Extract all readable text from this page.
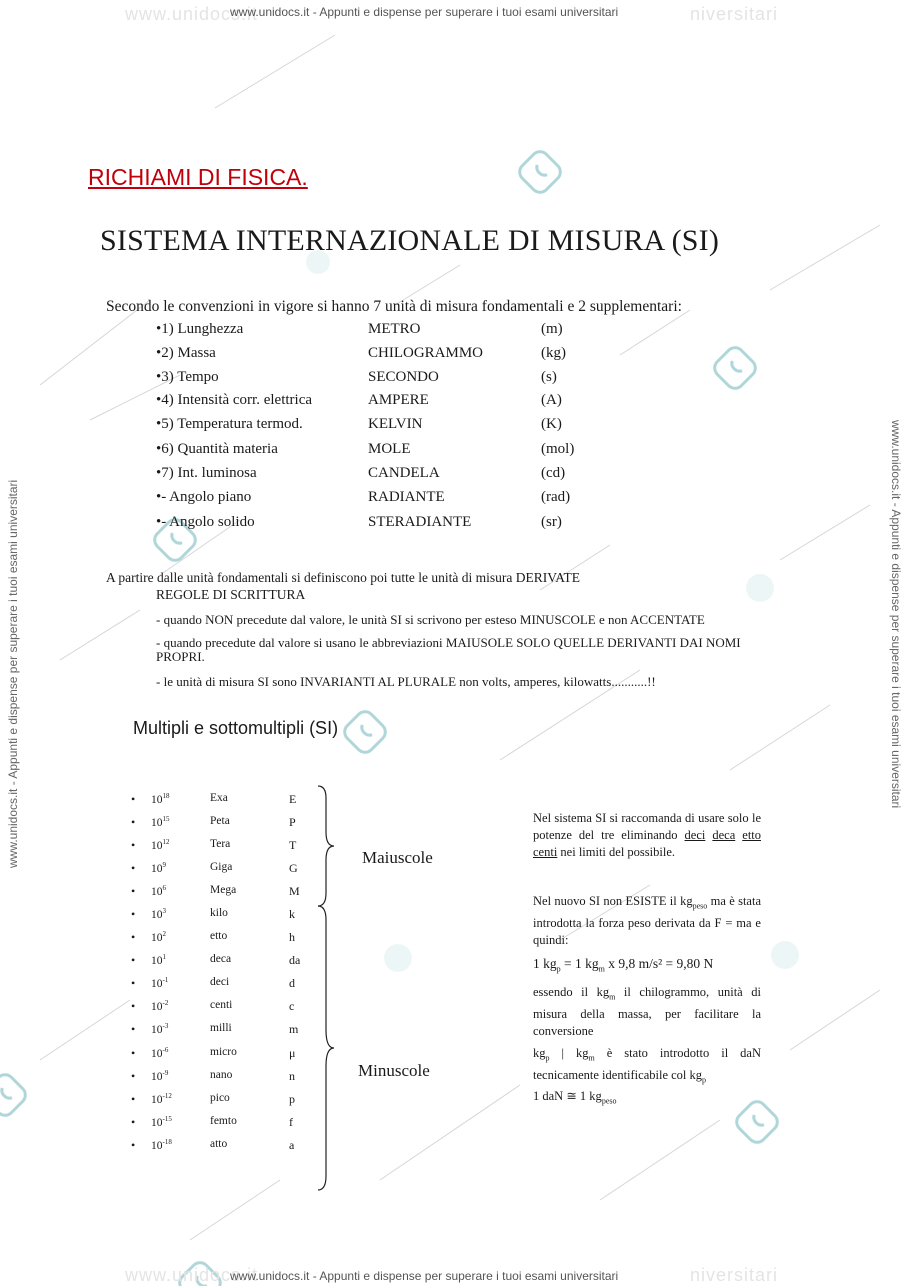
www.unidocs.it	niversitari
www.unidocs.it	niversitari
www.unidocs.it - Appunti e dispense per superare i tuoi esami universitari
www.unidocs.it - Appunti e dispense per superare i tuoi esami universitari
www.unidocs.it - Appunti e dispense per superare i tuoi esami universitari	www.unidocs.it - Appunti e dispense per superare i tuoi esami universitari
RICHIAMI DI FISICA.
SISTEMA INTERNAZIONALE DI MISURA (SI)
Secondo le convenzioni in vigore si hanno 7 unità di misura fondamentali e 2 supplementari:
•1) Lunghezza	METRO	(m)
•2) Massa	CHILOGRAMMO	(kg)
•3) Tempo	SECONDO	(s)
•4) Intensità corr. elettrica	AMPERE	(A)
•5) Temperatura termod.	KELVIN	(K)
•6) Quantità materia	MOLE	(mol)
•7) Int. luminosa	CANDELA	(cd)
•- Angolo piano	RADIANTE	(rad)
•- Angolo solido	STERADIANTE	(sr)
A partire dalle unità fondamentali si definiscono poi tutte le unità di misura DERIVATE
REGOLE DI SCRITTURA
- quando NON precedute dal valore, le unità SI si scrivono per esteso MINUSCOLE e non ACCENTATE
- quando precedute dal valore si usano le abbreviazioni MAIUSOLE SOLO QUELLE DERIVANTI DAI NOMI
PROPRI.
- le unità di misura SI sono INVARIANTI AL PLURALE non volts, amperes, kilowatts...........!!
Multipli e sottomultipli (SI)
• $10^{18}$	Exa	E
• $10^{15}$	Peta	P
• $10^{12}$	Tera	T
• $10^9$	Giga	G
• $10^6$	Mega	M
• $10^3$	kilo	k
• $10^2$	etto	h
• $10^1$	deca	da
• $10^{-1}$	deci	d
• $10^{-2}$	centi	c
• $10^{-3}$	milli	m
• $10^{-6}$	micro	μ
• $10^{-9}$	nano	n
• $10^{-12}$	pico	p
• $10^{-15}$	femto	f
• $10^{-18}$	atto	a
Maiuscole
Minuscole
Nel sistema SI si raccomanda di usare solo le potenze del tre eliminando deci deca etto centi nei limiti del possibile.
Nel nuovo SI non ESISTE il $kg_{peso}$ ma è stata introdotta la forza peso derivata da F = ma e quindi:
1 $kg_p = 1$ $kg_m$ x 9,8 m/s² = 9,80 N
essendo il $kg_m$ il chilogrammo, unità di misura della massa, per facilitare la conversione
$kg_p$ | $kg_m$ è stato introdotto il daN tecnicamente identificabile col $kg_p$
1 daN ≅ 1 $kg_{peso}$
